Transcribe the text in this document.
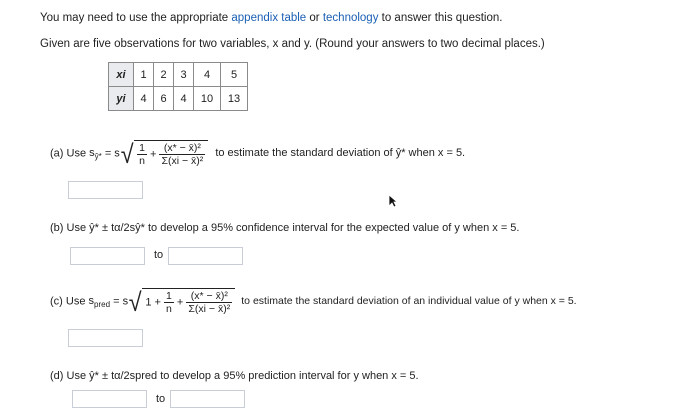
You may need to use the appropriate appendix table or technology to answer this question.
Given are five observations for two variables, x and y. (Round your answers to two decimal places.)
xi	1	2	3	4	5
yi	4	6	4	10	13
(a) Use $s_{ŷ*} = s√ \frac{1}{n} + \frac{\text{(x* − x̄)²}}{\text{Σ(xi − x̄)²}}$ to estimate the standard deviation of ŷ* when x = 5.
(b) Use ŷ* ± tα/2sŷ* to develop a 95% confidence interval for the expected value of y when x = 5.
to
(c) Use $s_{pred} = s√$ $1 + \frac{1}{n} + \frac{\text{(x* − x̄)²}}{\text{Σ(xi − x̄)²}}$ to estimate the standard deviation of an individual value of y when x = 5.
(d) Use ŷ* ± tα/2spred to develop a 95% prediction interval for y when x = 5.
to
